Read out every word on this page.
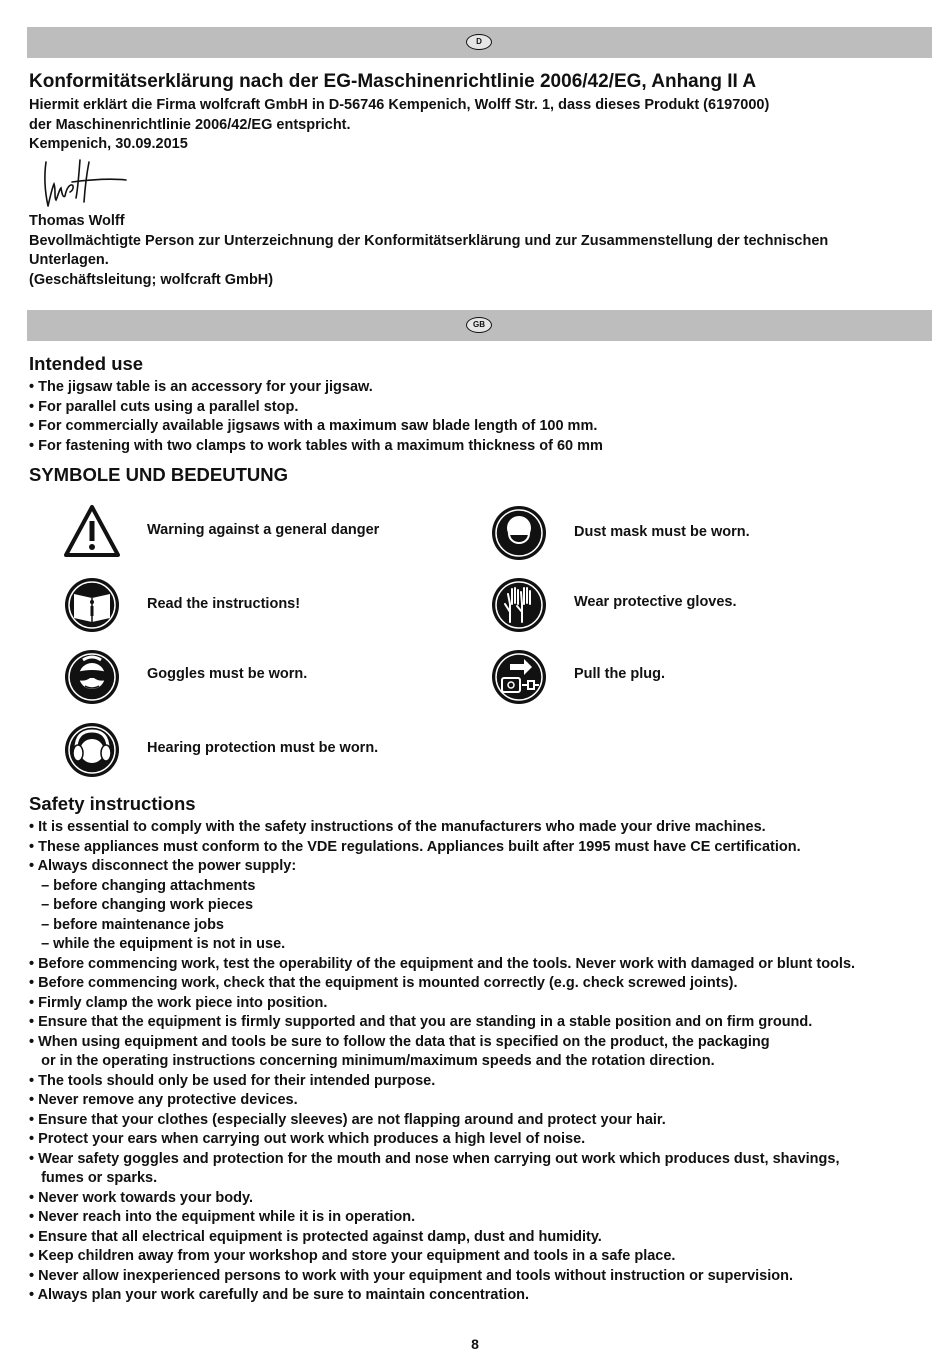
D
Konformitätserklärung nach der EG-Maschinenrichtlinie 2006/42/EG, Anhang II A
Hiermit erklärt die Firma wolfcraft GmbH in D-56746 Kempenich, Wolff Str. 1, dass dieses Produkt (6197000)
der Maschinenrichtlinie 2006/42/EG entspricht.
Kempenich, 30.09.2015
Thomas Wolff
Bevollmächtigte Person zur Unterzeichnung der Konformitätserklärung und zur Zusammenstellung der technischen
Unterlagen.
(Geschäftsleitung; wolfcraft GmbH)
GB
Intended use
• The jigsaw table is an accessory for your jigsaw.
• For parallel cuts using a parallel stop.
• For commercially available jigsaws with a maximum saw blade length of 100 mm.
• For fastening with two clamps to work tables with a maximum thickness of 60 mm
SYMBOLE UND BEDEUTUNG
Warning against a general danger	Dust mask must be worn.
Read the instructions!	Wear protective gloves.
Goggles must be worn.	Pull the plug.
Hearing protection must be worn.
Safety instructions
• It is essential to comply with the safety instructions of the manufacturers who made your drive machines.
• These appliances must conform to the VDE regulations. Appliances built after 1995 must have CE certification.
• Always disconnect the power supply:
– before changing attachments
– before changing work pieces
– before maintenance jobs
– while the equipment is not in use.
• Before commencing work, test the operability of the equipment and the tools. Never work with damaged or blunt tools.
• Before commencing work, check that the equipment is mounted correctly (e.g. check screwed joints).
• Firmly clamp the work piece into position.
• Ensure that the equipment is firmly supported and that you are standing in a stable position and on firm ground.
• When using equipment and tools be sure to follow the data that is specified on the product, the packaging
or in the operating instructions concerning minimum/maximum speeds and the rotation direction.
• The tools should only be used for their intended purpose.
• Never remove any protective devices.
• Ensure that your clothes (especially sleeves) are not flapping around and protect your hair.
• Protect your ears when carrying out work which produces a high level of noise.
• Wear safety goggles and protection for the mouth and nose when carrying out work which produces dust, shavings,
fumes or sparks.
• Never work towards your body.
• Never reach into the equipment while it is in operation.
• Ensure that all electrical equipment is protected against damp, dust and humidity.
• Keep children away from your workshop and store your equipment and tools in a safe place.
• Never allow inexperienced persons to work with your equipment and tools without instruction or supervision.
• Always plan your work carefully and be sure to maintain concentration.
8
